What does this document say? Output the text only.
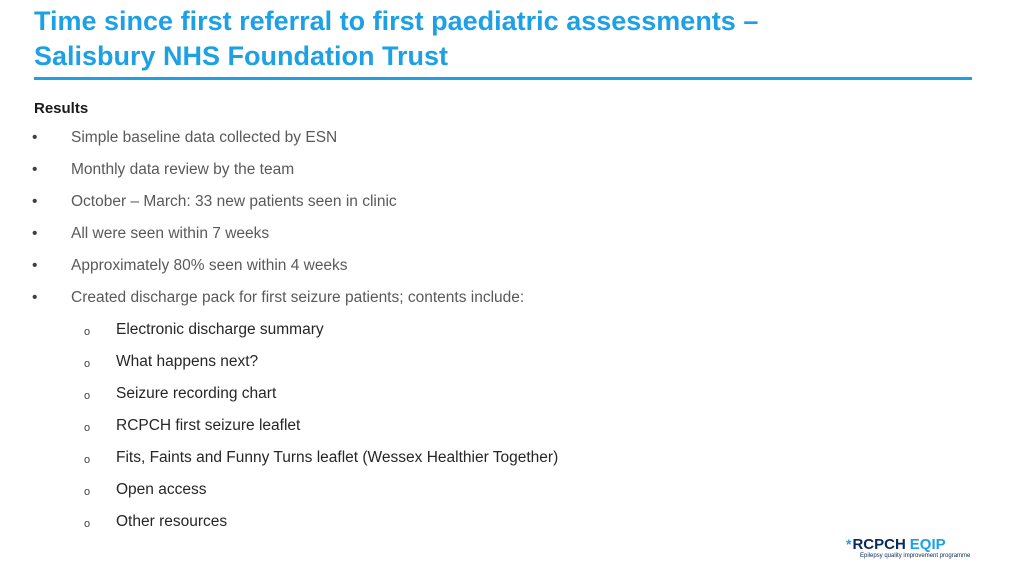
Time since first referral to first paediatric assessments –
Salisbury NHS Foundation Trust
Results
• Simple baseline data collected by ESN
• Monthly data review by the team
• October – March: 33 new patients seen in clinic
• All were seen within 7 weeks
• Approximately 80% seen within 4 weeks
• Created discharge pack for first seizure patients; contents include:
o Electronic discharge summary
o What happens next?
o Seizure recording chart
o RCPCH first seizure leaflet
o Fits, Faints and Funny Turns leaflet (Wessex Healthier Together)
o Open access
o Other resources
*RCPCH EQIP
Epilepsy quality improvement programme
